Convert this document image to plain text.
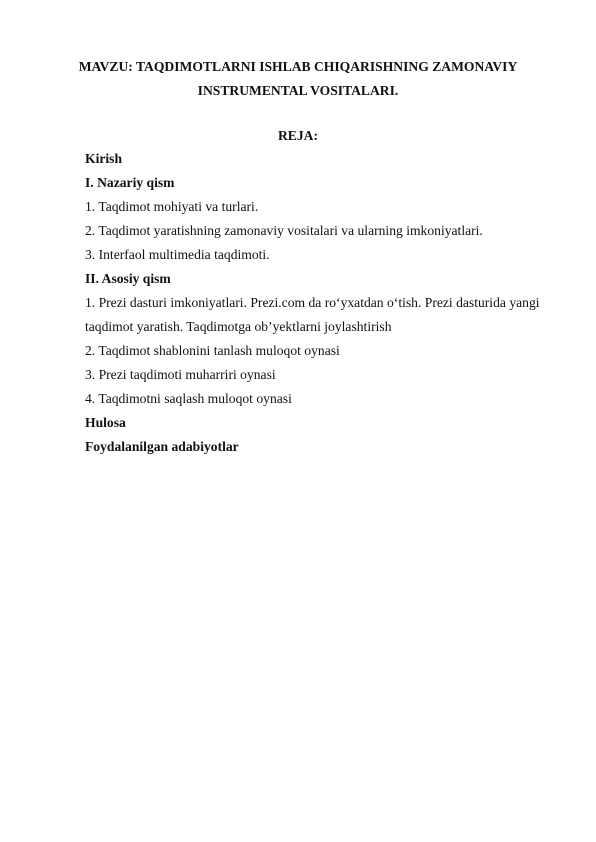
MAVZU: TAQDIMOTLARNI ISHLAB CHIQARISHNING ZAMONAVIY
INSTRUMENTAL VOSITALARI.
REJA:
Kirish
I. Nazariy qism
1. Taqdimot mohiyati va turlari.
2. Taqdimot yaratishning zamonaviy vositalari va ularning imkoniyatlari.
3. Interfaol multimedia taqdimoti.
II. Asosiy qism
1. Prezi dasturi imkoniyatlari. Prezi.com da ro‘yxatdan o‘tish. Prezi dasturida yangi
taqdimot yaratish. Taqdimotga ob’yektlarni joylashtirish
2. Taqdimot shablonini tanlash muloqot oynasi
3. Prezi taqdimoti muharriri oynasi
4. Taqdimotni saqlash muloqot oynasi
Hulosa
Foydalanilgan adabiyotlar
